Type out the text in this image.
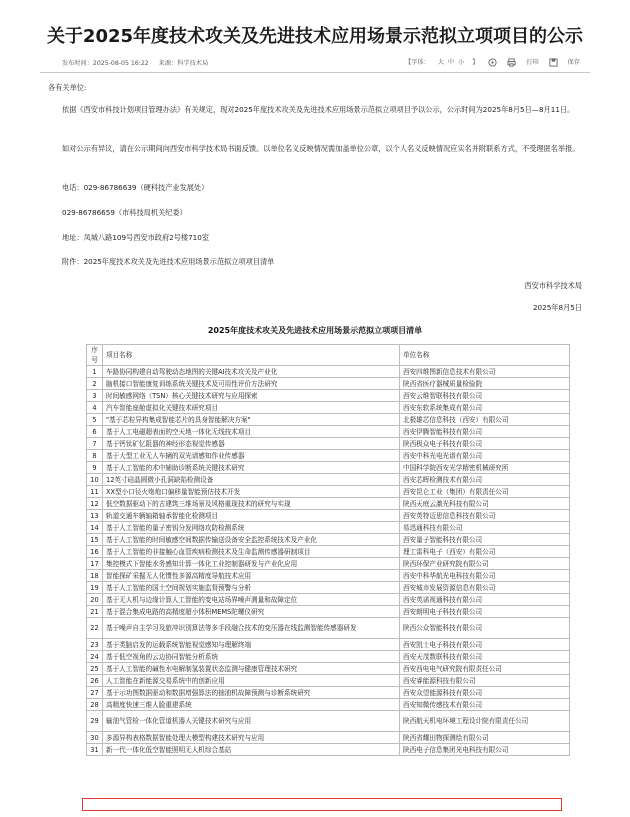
关于2025年度技术攻关及先进技术应用场景示范拟立项项目的公示
发布时间：2025-08-05 16:22 来源：科学技术局	【字体： 大 中 小 】	打印	保存
各有关单位:
依据《西安市科技计划项目管理办法》有关规定，现对2025年度技术攻关及先进技术应用场景示范拟立项项目予以公示，公示时间为2025年8月5日—8月11日。
如对公示有异议，请在公示期间向西安市科学技术局书面反馈。以单位名义反映情况需加盖单位公章，以个人名义反映情况应实名并附联系方式，不受理匿名举报。
电话：029-86786639（硬科技产业发展处）
029-86786659（市科技局机关纪委）
地址：凤城八路109号西安市政府2号楼710室
附件：2025年度技术攻关及先进技术应用场景示范拟立项项目清单
西安市科学技术局
2025年8月5日
2025年度技术攻关及先进技术应用场景示范拟立项项目清单
序号	项目名称	单位名称
1	车路协同构建自动驾驶动态地图的关键AI技术攻关及产业化	西安四维图新信息技术有限公司
2	脑机接口智能康复训练系统关键技术及可用性评价方法研究	陕西省医疗器械质量检验院
3	时间敏感网络（TSN）核心关键技术研究与应用探索	西安云维智联科技有限公司
4	汽车智能座舱虚拟化关键技术研究项目	西安东软系统集成有限公司
5	"基于芯粒异构集成智能芯片的具身智能解决方案"	北极雄芯信息科技（西安）有限公司
6	基于人工电磁超表面的空天地一体化无线技术项目	西安伊腾智能科技有限公司
7	基于钙钛矿忆阻器的神经形态视觉传感器	陕西极众电子科技有限公司
8	基于大型工业无人车辆的双光谱感知作业传感器	西安中科光电光谱有限公司
9	基于人工智能的术中辅助诊断系统关键技术研究	中国科学院西安光学精密机械研究所
10	12英寸硅晶圆微小孔洞缺陷检测设备	西安芯晖检测技术有限公司
11	XX型小口径火炮炮口偏移量智能预估技术开发	西安昆仑工业（集团）有限责任公司
12	低空数据驱动下的古建筑三维场景及风格重现技术的研究与实现	陕西天庭云激光科技有限公司
13	轨道交通车辆轴箱轴承智能化检测项目	西安英特迈思信息科技有限公司
14	基于人工智能的量子密钥分发网络攻防检测系统	易迅通科技有限公司
15	基于人工智能的时间敏感空间数据传输送设备安全监控系统技术及产业化	西安量子智能科技有限公司
16	基于人工智能的非接触心血管疾病检测技术及生命监测传感器研制项目	理工雷科电子（西安）有限公司
17	集控模式下智能水务感知计算一体化工业控制器研发与产业化应用	陕西环保产业研究院有限公司
18	智能探矿采掘无人化惯性多源高精度导航技术应用	西安中科华航光电科技有限公司
19	基于人工智能的国土空间规划实施监督预警与分析	西安城市发展资源信息有限公司
20	基于无人机与边缘计算人工智能的变电站场界噪声测量和故障定位	西安英诺视通科技有限公司
21	基于混合集成电路的高精度超小体积MEMS陀螺仪研究	西安朗明电子科技有限公司
22	基于噪声自主学习及旅冲识别算法等多手段融合技术的变压器在线监测智能传感器研发	陕西公众智能科技有限公司
23	基于类脑启发的运载系统智能视觉感知与理解终端	西安凯士电子科技有限公司
24	基于低空视角的云边协同智能分析系统	西安天茂数联科技有限公司
25	基于人工智能的碱性水电解制氢装置状态监测与健康管理技术研究	西安西电电气研究院有限责任公司
26	人工智能在新能源交易系统中的创新应用	西安睿能源科技有限公司
27	基于示功图数据驱动和数据增强算法的抽油机故障预测与诊断系统研究	西安众望能源科技有限公司
28	高精度快速三维人脸重建系统	西安知微传感技术有限公司
29	输油气管检一体化管道机器人关键技术研究与应用	陕西航天机电环境工程设计院有限责任公司
30	多源异构表格数据智能处理大模型构建技术研究与应用	陕西省耀田物探测绘有限公司
31	新一代一体化低空智能照明无人机综合基站	陕西电子信息集团光电科技有限公司
